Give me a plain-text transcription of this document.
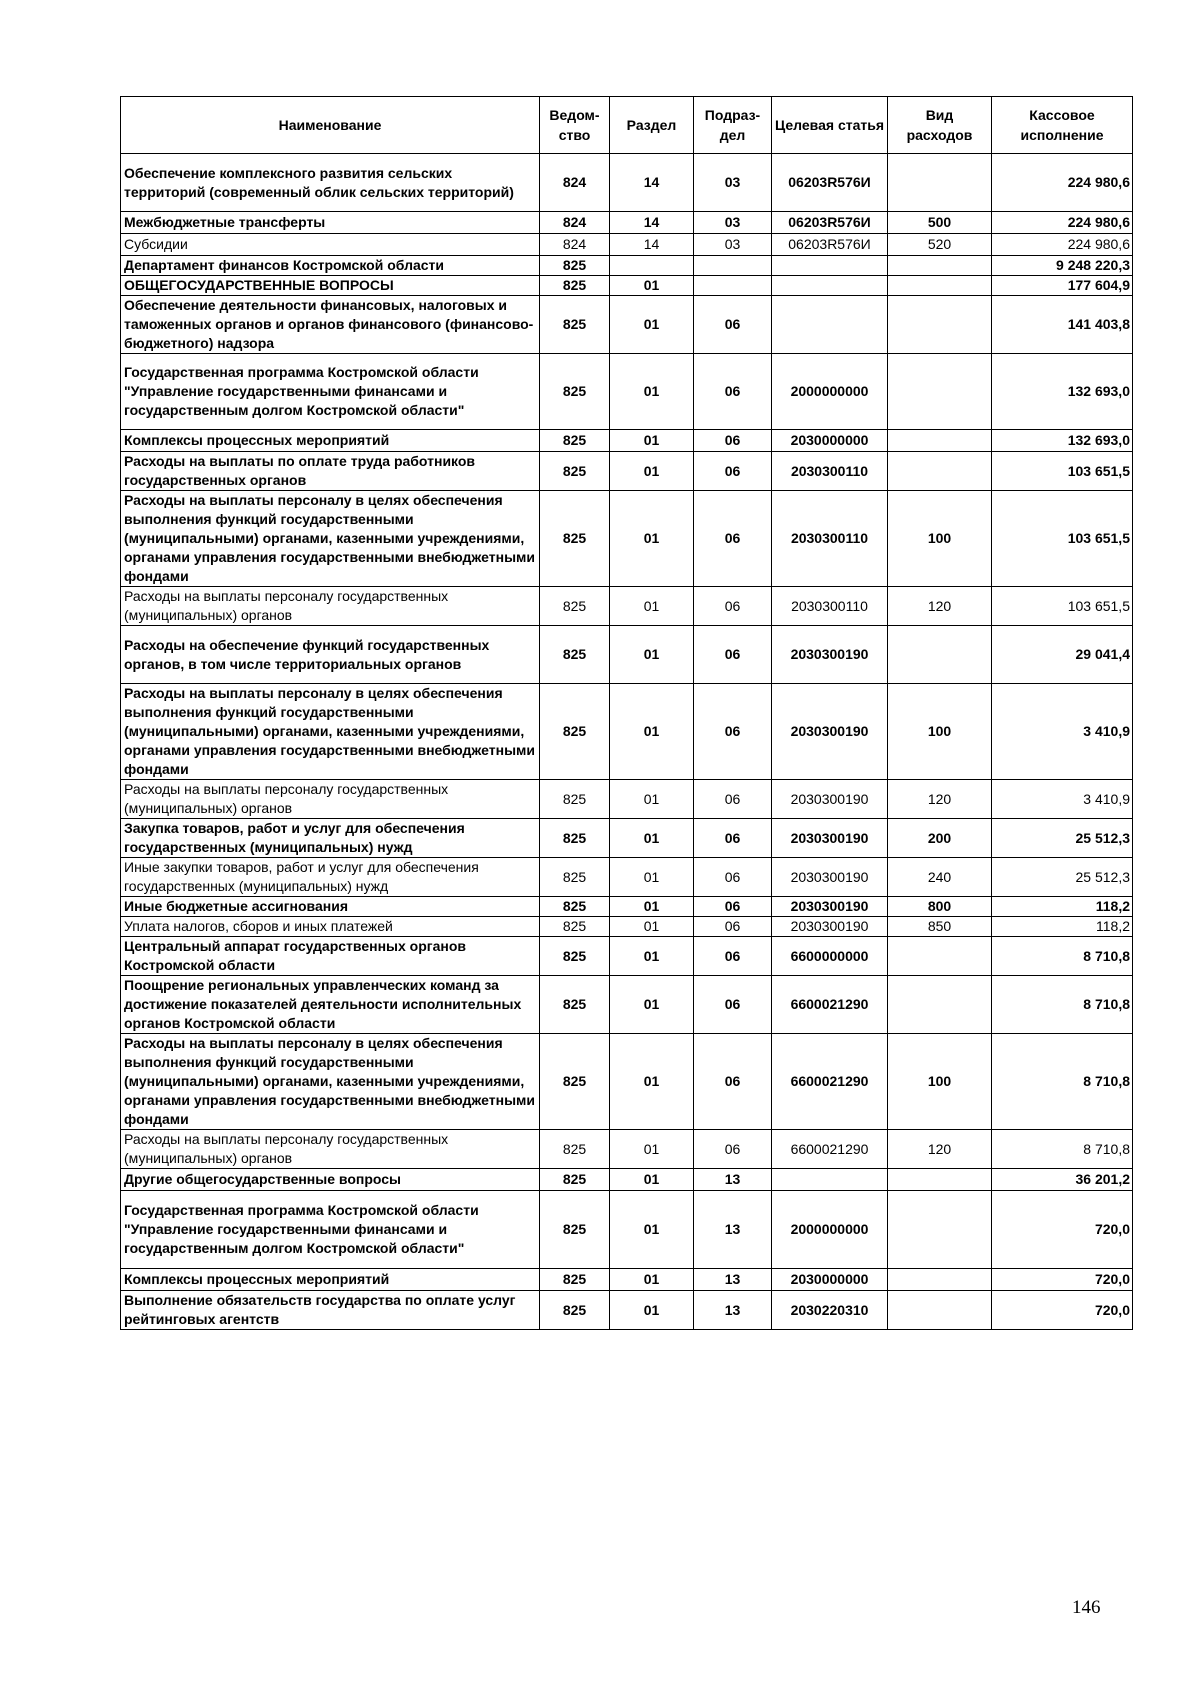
Наименование	Ведом-ство	Раздел	Подраз-дел	Целевая статья	Вид расходов	Кассовое исполнение
Обеспечение комплексного развития сельских территорий (современный облик сельских территорий)	824	14	03	06203R576И		224 980,6
Межбюджетные трансферты	824	14	03	06203R576И	500	224 980,6
Субсидии	824	14	03	06203R576И	520	224 980,6
Департамент финансов Костромской области	825					9 248 220,3
ОБЩЕГОСУДАРСТВЕННЫЕ ВОПРОСЫ	825	01				177 604,9
Обеспечение деятельности финансовых, налоговых и таможенных органов и органов финансового (финансово-бюджетного) надзора	825	01	06			141 403,8
Государственная программа Костромской области "Управление государственными финансами и государственным долгом Костромской области"	825	01	06	2000000000		132 693,0
Комплексы процессных мероприятий	825	01	06	2030000000		132 693,0
Расходы на выплаты по оплате труда работников государственных органов	825	01	06	2030300110		103 651,5
Расходы на выплаты персоналу в целях обеспечения выполнения функций государственными (муниципальными) органами, казенными учреждениями, органами управления государственными внебюджетными фондами	825	01	06	2030300110	100	103 651,5
Расходы на выплаты персоналу государственных (муниципальных) органов	825	01	06	2030300110	120	103 651,5
Расходы на обеспечение функций государственных органов, в том числе территориальных органов	825	01	06	2030300190		29 041,4
Расходы на выплаты персоналу в целях обеспечения выполнения функций государственными (муниципальными) органами, казенными учреждениями, органами управления государственными внебюджетными фондами	825	01	06	2030300190	100	3 410,9
Расходы на выплаты персоналу государственных (муниципальных) органов	825	01	06	2030300190	120	3 410,9
Закупка товаров, работ и услуг для обеспечения государственных (муниципальных) нужд	825	01	06	2030300190	200	25 512,3
Иные закупки товаров, работ и услуг для обеспечения государственных (муниципальных) нужд	825	01	06	2030300190	240	25 512,3
Иные бюджетные ассигнования	825	01	06	2030300190	800	118,2
Уплата налогов, сборов и иных платежей	825	01	06	2030300190	850	118,2
Центральный аппарат государственных органов Костромской области	825	01	06	6600000000		8 710,8
Поощрение региональных управленческих команд за достижение показателей деятельности исполнительных органов Костромской области	825	01	06	6600021290		8 710,8
Расходы на выплаты персоналу в целях обеспечения выполнения функций государственными (муниципальными) органами, казенными учреждениями, органами управления государственными внебюджетными фондами	825	01	06	6600021290	100	8 710,8
Расходы на выплаты персоналу государственных (муниципальных) органов	825	01	06	6600021290	120	8 710,8
Другие общегосударственные вопросы	825	01	13			36 201,2
Государственная программа Костромской области "Управление государственными финансами и государственным долгом Костромской области"	825	01	13	2000000000		720,0
Комплексы процессных мероприятий	825	01	13	2030000000		720,0
Выполнение обязательств государства по оплате услуг рейтинговых агентств	825	01	13	2030220310		720,0
146
